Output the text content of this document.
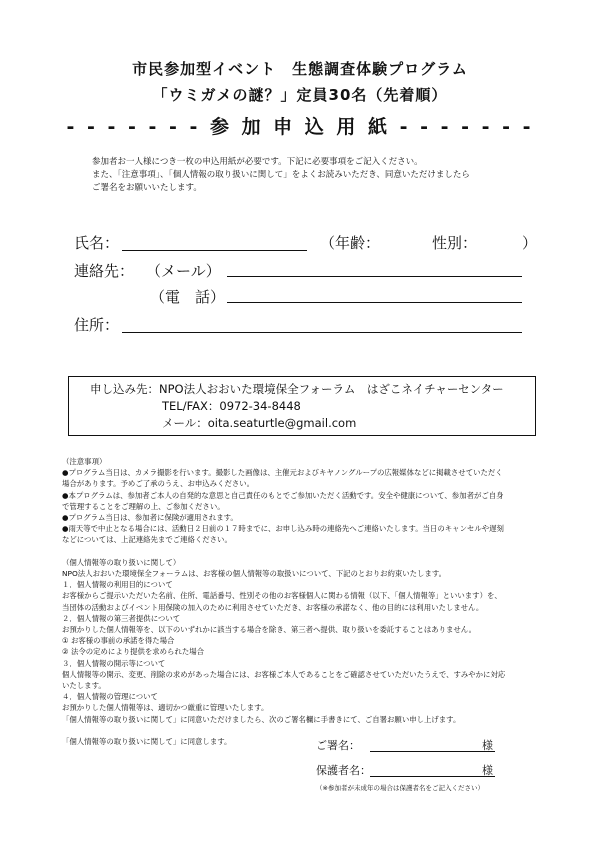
市民参加型イベント　生態調査体験プログラム
「ウミガメの謎？」定員30名（先着順）
- - - - - - - 参 加 申 込 用 紙 - - - - - - -
参加者お一人様につき一枚の申込用紙が必要です。下記に必要事項をご記入ください。
また、「注意事項」、「個人情報の取り扱いに関して」をよくお読みいただき、同意いただけましたら
ご署名をお願いいたします。
氏名：	（年齢：	性別：	）
連絡先： （メール）
（電　話）
住所：
申し込み先：NPO法人おおいた環境保全フォーラム　はざこネイチャーセンター
TEL/FAX：0972-34-8448
メール：oita.seaturtle@gmail.com
（注意事項）
●プログラム当日は、カメラ撮影を行います。撮影した画像は、主催元およびキヤノングループの広報媒体などに掲載させていただく
場合があります。予めご了承のうえ、お申込みください。
●本プログラムは、参加者ご本人の自発的な意思と自己責任のもとでご参加いただく活動です。安全や健康について、参加者がご自身
で管理することをご理解の上、ご参加ください。
●プログラム当日は、参加者に保険が適用されます。
●雨天等で中止となる場合には、活動日２日前の１７時までに、お申し込み時の連絡先へご連絡いたします。当日のキャンセルや遅刻
などについては、上記連絡先までご連絡ください。
（個人情報等の取り扱いに関して）
NPO法人おおいた環境保全フォーラムは、お客様の個人情報等の取扱いについて、下記のとおりお約束いたします。
１．個人情報の利用目的について
お客様からご提示いただいた名前、住所、電話番号、性別その他のお客様個人に関わる情報（以下、「個人情報等」といいます）を、
当団体の活動およびイベント用保険の加入のために利用させていただき、お客様の承諾なく、他の目的には利用いたしません。
２．個人情報の第三者提供について
お預かりした個人情報等を、以下のいずれかに該当する場合を除き、第三者へ提供、取り扱いを委託することはありません。
① お客様の事前の承諾を得た場合
② 法令の定めにより提供を求められた場合
３．個人情報の開示等について
個人情報等の開示、変更、削除の求めがあった場合には、お客様ご本人であることをご確認させていただいたうえで、すみやかに対応
いたします。
４．個人情報の管理について
お預かりした個人情報等は、適切かつ厳重に管理いたします。
「個人情報等の取り扱いに関して」に同意いただけましたら、次のご署名欄に手書きにて、ご自署お願い申し上げます。
「個人情報等の取り扱いに関して」に同意します。	ご署名：	様
保護者名：	様
（※参加者が未成年の場合は保護者名をご記入ください）
